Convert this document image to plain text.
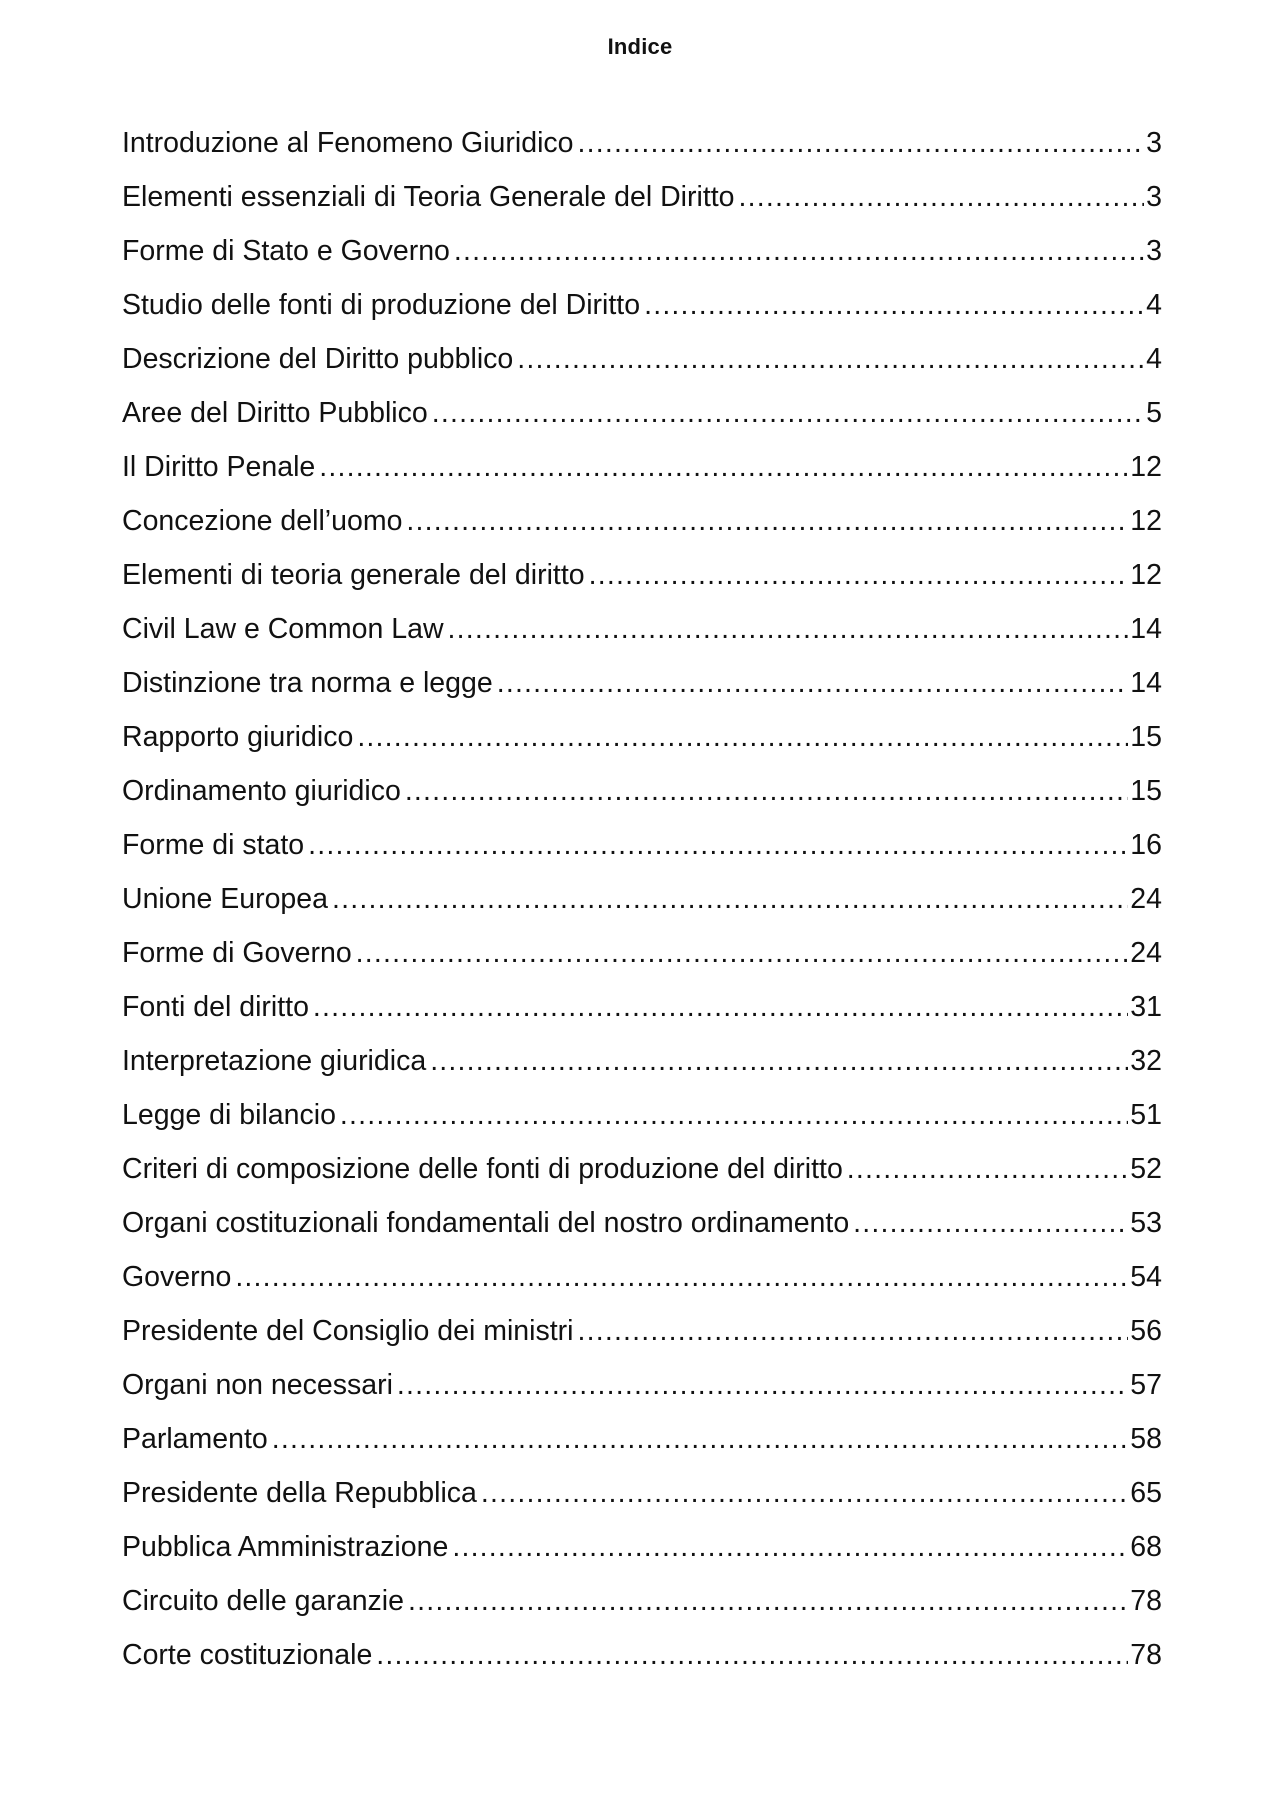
Indice
Introduzione al Fenomeno Giuridico .....	3
Elementi essenziali di Teoria Generale del Diritto .....	3
Forme di Stato e Governo .....	3
Studio delle fonti di produzione del Diritto .....	4
Descrizione del Diritto pubblico .....	4
Aree del Diritto Pubblico .....	5
Il Diritto Penale .....	12
Concezione dell’uomo .....	12
Elementi di teoria generale del diritto .....	12
Civil Law e Common Law .....	14
Distinzione tra norma e legge .....	14
Rapporto giuridico .....	15
Ordinamento giuridico .....	15
Forme di stato .....	16
Unione Europea .....	24
Forme di Governo .....	24
Fonti del diritto .....	31
Interpretazione giuridica .....	32
Legge di bilancio .....	51
Criteri di composizione delle fonti di produzione del diritto .....	52
Organi costituzionali fondamentali del nostro ordinamento .....	53
Governo .....	54
Presidente del Consiglio dei ministri .....	56
Organi non necessari .....	57
Parlamento .....	58
Presidente della Repubblica .....	65
Pubblica Amministrazione .....	68
Circuito delle garanzie .....	78
Corte costituzionale .....	78
